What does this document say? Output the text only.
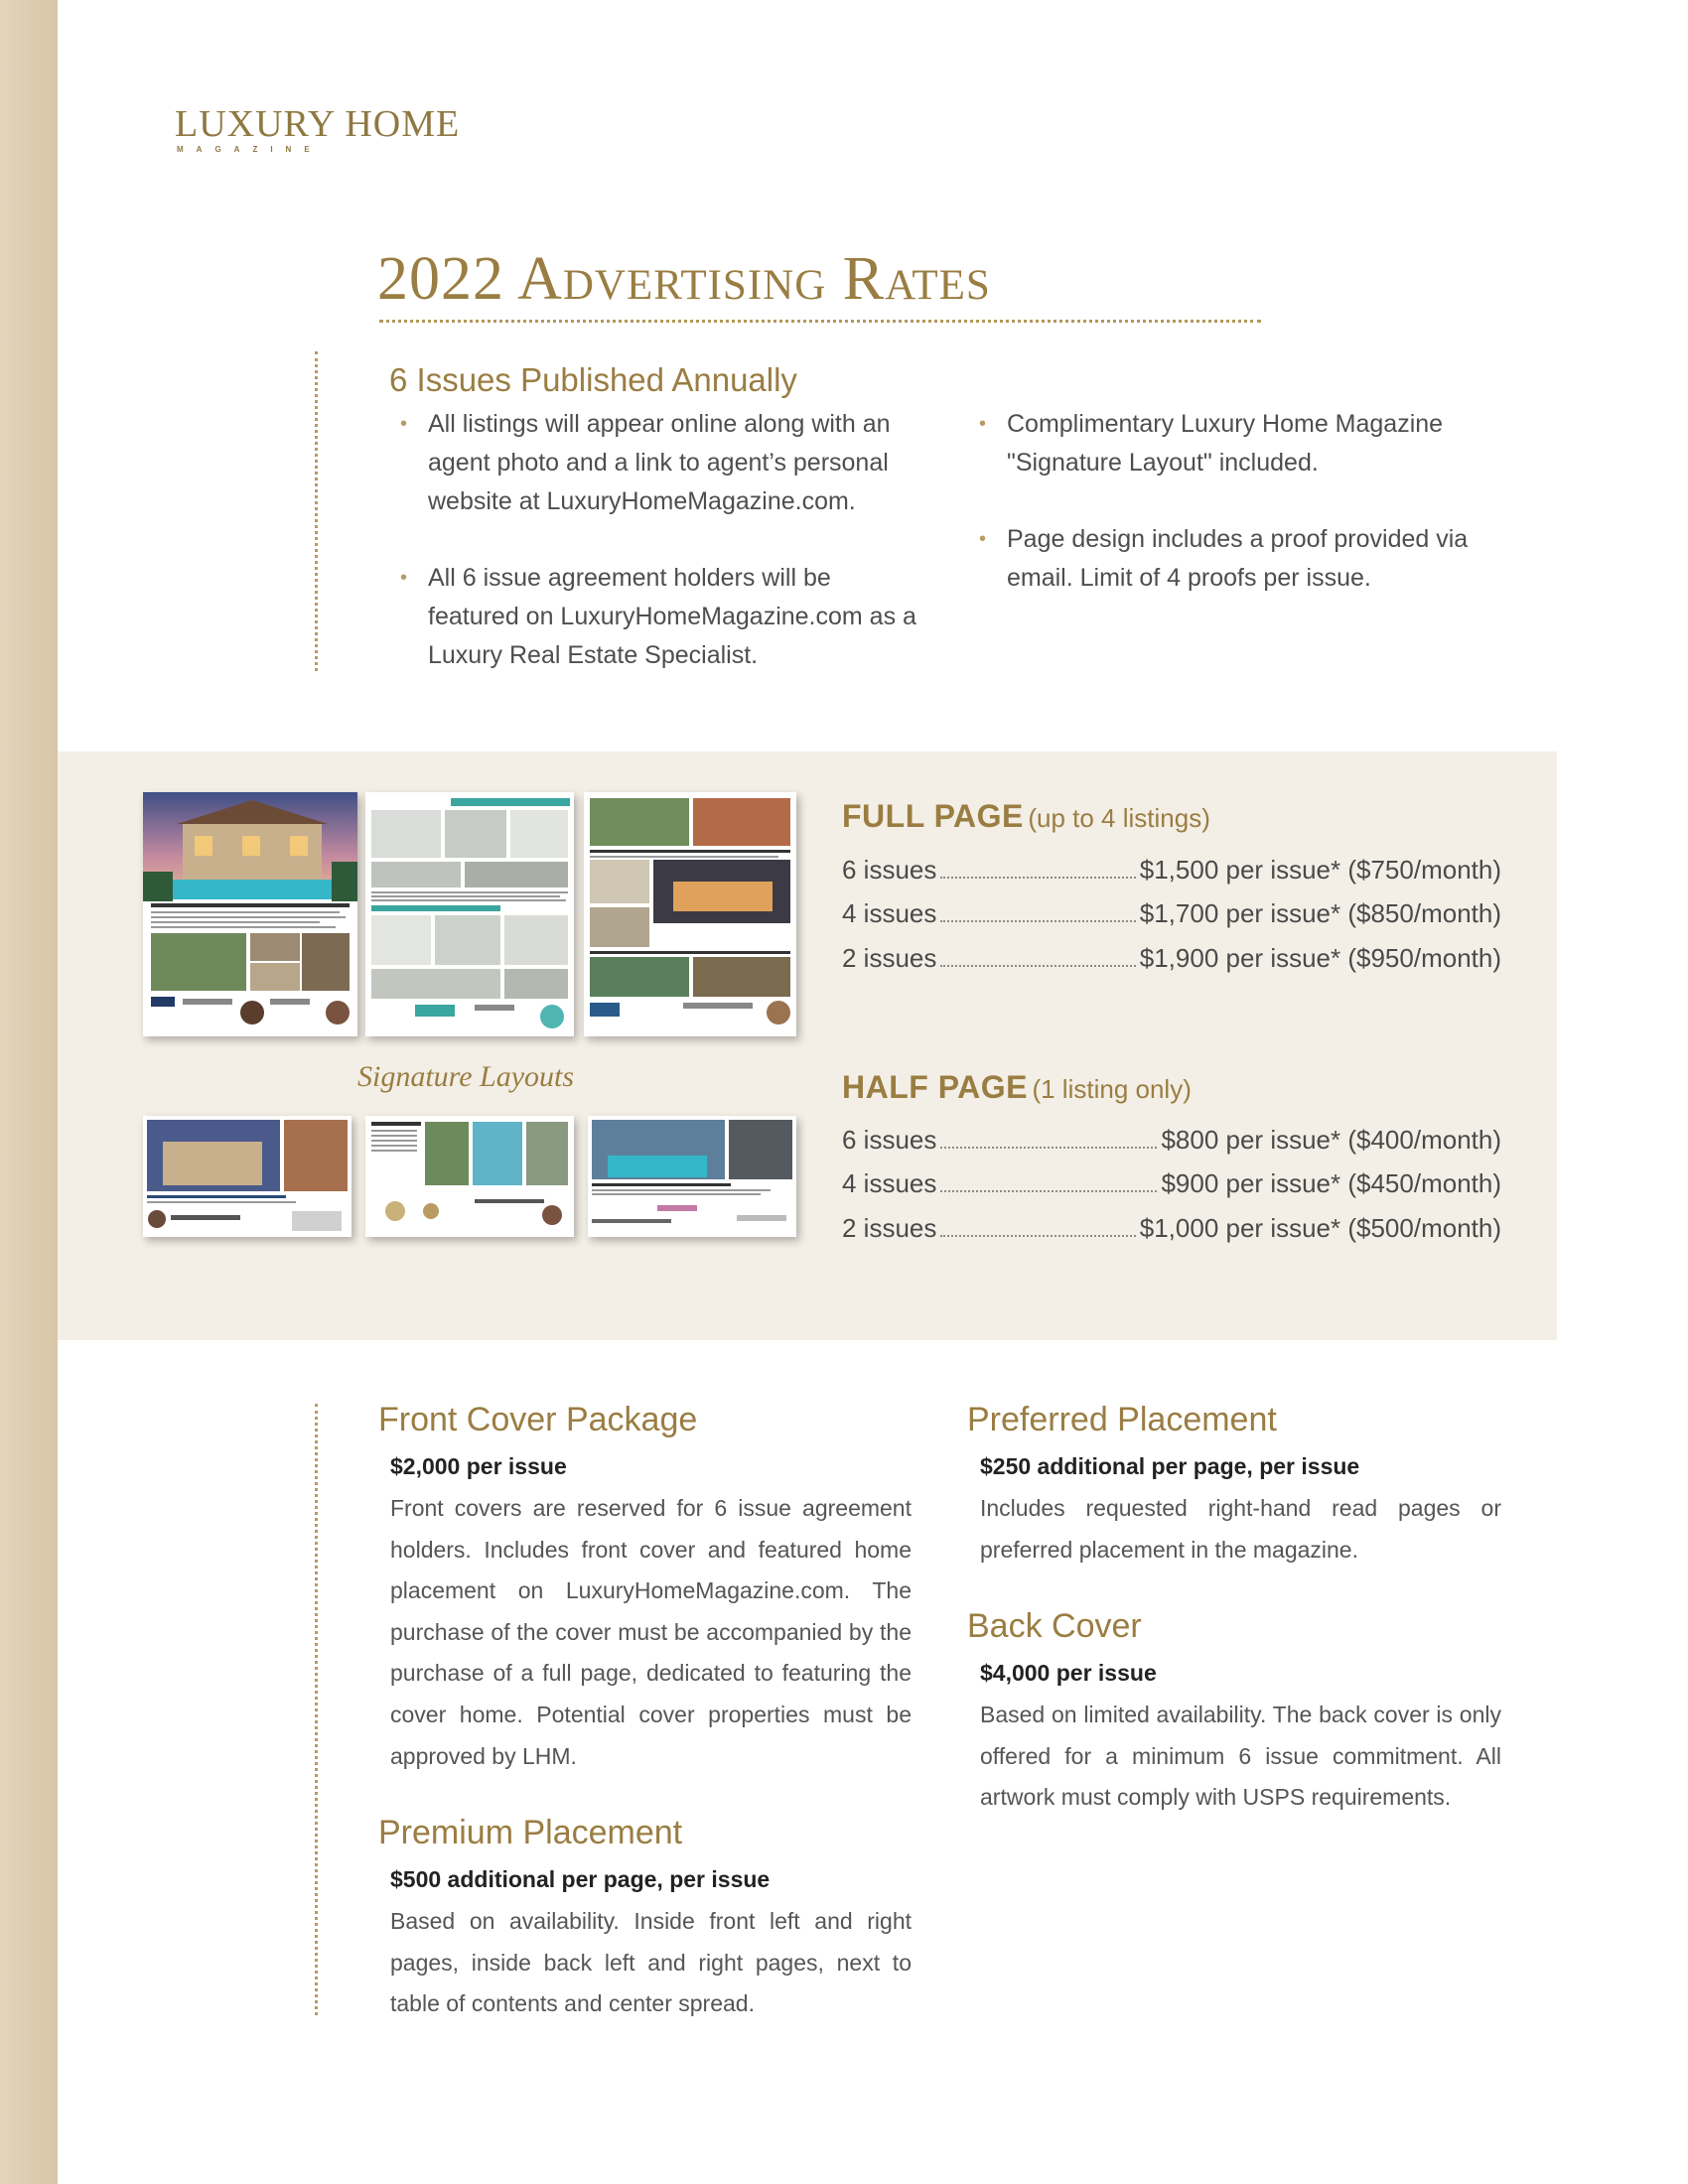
LUXURY HOME
MAGAZINE
2022 Advertising Rates
6 Issues Published Annually
• All listings will appear online along with an agent photo and a link to agent’s personal website at LuxuryHomeMagazine.com.
• All 6 issue agreement holders will be featured on LuxuryHomeMagazine.com as a Luxury Real Estate Specialist.
• Complimentary Luxury Home Magazine "Signature Layout" included.
• Page design includes a proof provided via email. Limit of 4 proofs per issue.
Signature Layouts
FULL PAGE (up to 4 listings)
6 issues	$1,500 per issue* ($750/month)
4 issues	$1,700 per issue* ($850/month)
2 issues	$1,900 per issue* ($950/month)
HALF PAGE (1 listing only)
6 issues	$800 per issue* ($400/month)
4 issues	$900 per issue* ($450/month)
2 issues	$1,000 per issue* ($500/month)
Front Cover Package
$2,000 per issue

Front covers are reserved for 6 issue agreement holders. Includes front cover and featured home placement on LuxuryHomeMagazine.com. The purchase of the cover must be accompanied by the purchase of a full page, dedicated to featuring the cover home. Potential cover properties must be approved by LHM.

Premium Placement
$500 additional per page, per issue

Based on availability. Inside front left and right pages, inside back left and right pages, next to table of contents and center spread.

Preferred Placement
$250 additional per page, per issue

Includes requested right-hand read pages or preferred placement in the magazine.

Back Cover
$4,000 per issue

Based on limited availability. The back cover is only offered for a minimum 6 issue commitment. All artwork must comply with USPS requirements.
